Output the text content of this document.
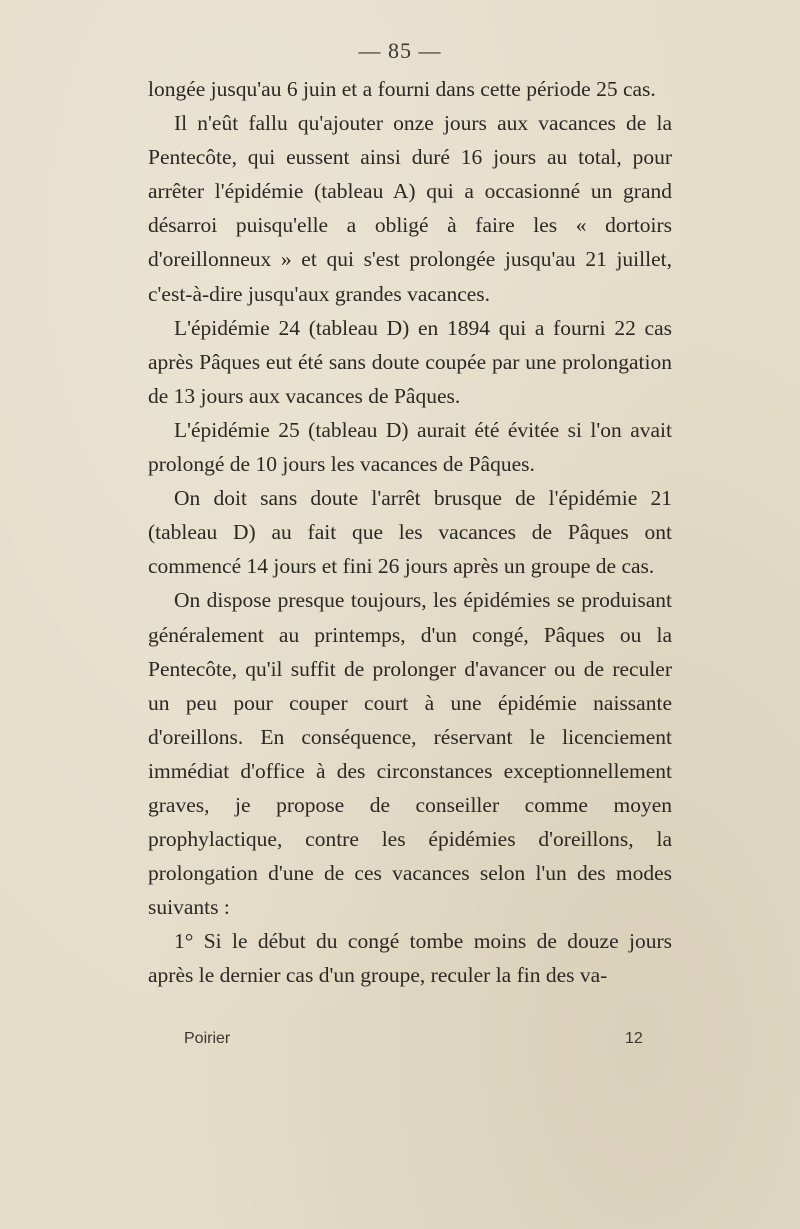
— 85 —

longée jusqu'au 6 juin et a fourni dans cette période 25 cas.

Il n'eût fallu qu'ajouter onze jours aux vacances de la Pentecôte, qui eussent ainsi duré 16 jours au total, pour arrêter l'épidémie (tableau A) qui a occasionné un grand désarroi puisqu'elle a obligé à faire les « dortoirs d'oreillonneux » et qui s'est prolongée jusqu'au 21 juillet, c'est-à-dire jusqu'aux grandes vacances.

L'épidémie 24 (tableau D) en 1894 qui a fourni 22 cas après Pâques eut été sans doute coupée par une prolongation de 13 jours aux vacances de Pâques.

L'épidémie 25 (tableau D) aurait été évitée si l'on avait prolongé de 10 jours les vacances de Pâques.

On doit sans doute l'arrêt brusque de l'épidémie 21 (tableau D) au fait que les vacances de Pâques ont commencé 14 jours et fini 26 jours après un groupe de cas.

On dispose presque toujours, les épidémies se produisant généralement au printemps, d'un congé, Pâques ou la Pentecôte, qu'il suffit de prolonger d'avancer ou de reculer un peu pour couper court à une épidémie naissante d'oreillons. En conséquence, réservant le licenciement immédiat d'office à des circonstances exceptionnellement graves, je propose de conseiller comme moyen prophylactique, contre les épidémies d'oreillons, la prolongation d'une de ces vacances selon l'un des modes suivants :

1° Si le début du congé tombe moins de douze jours après le dernier cas d'un groupe, reculer la fin des va-

Poirier	12
